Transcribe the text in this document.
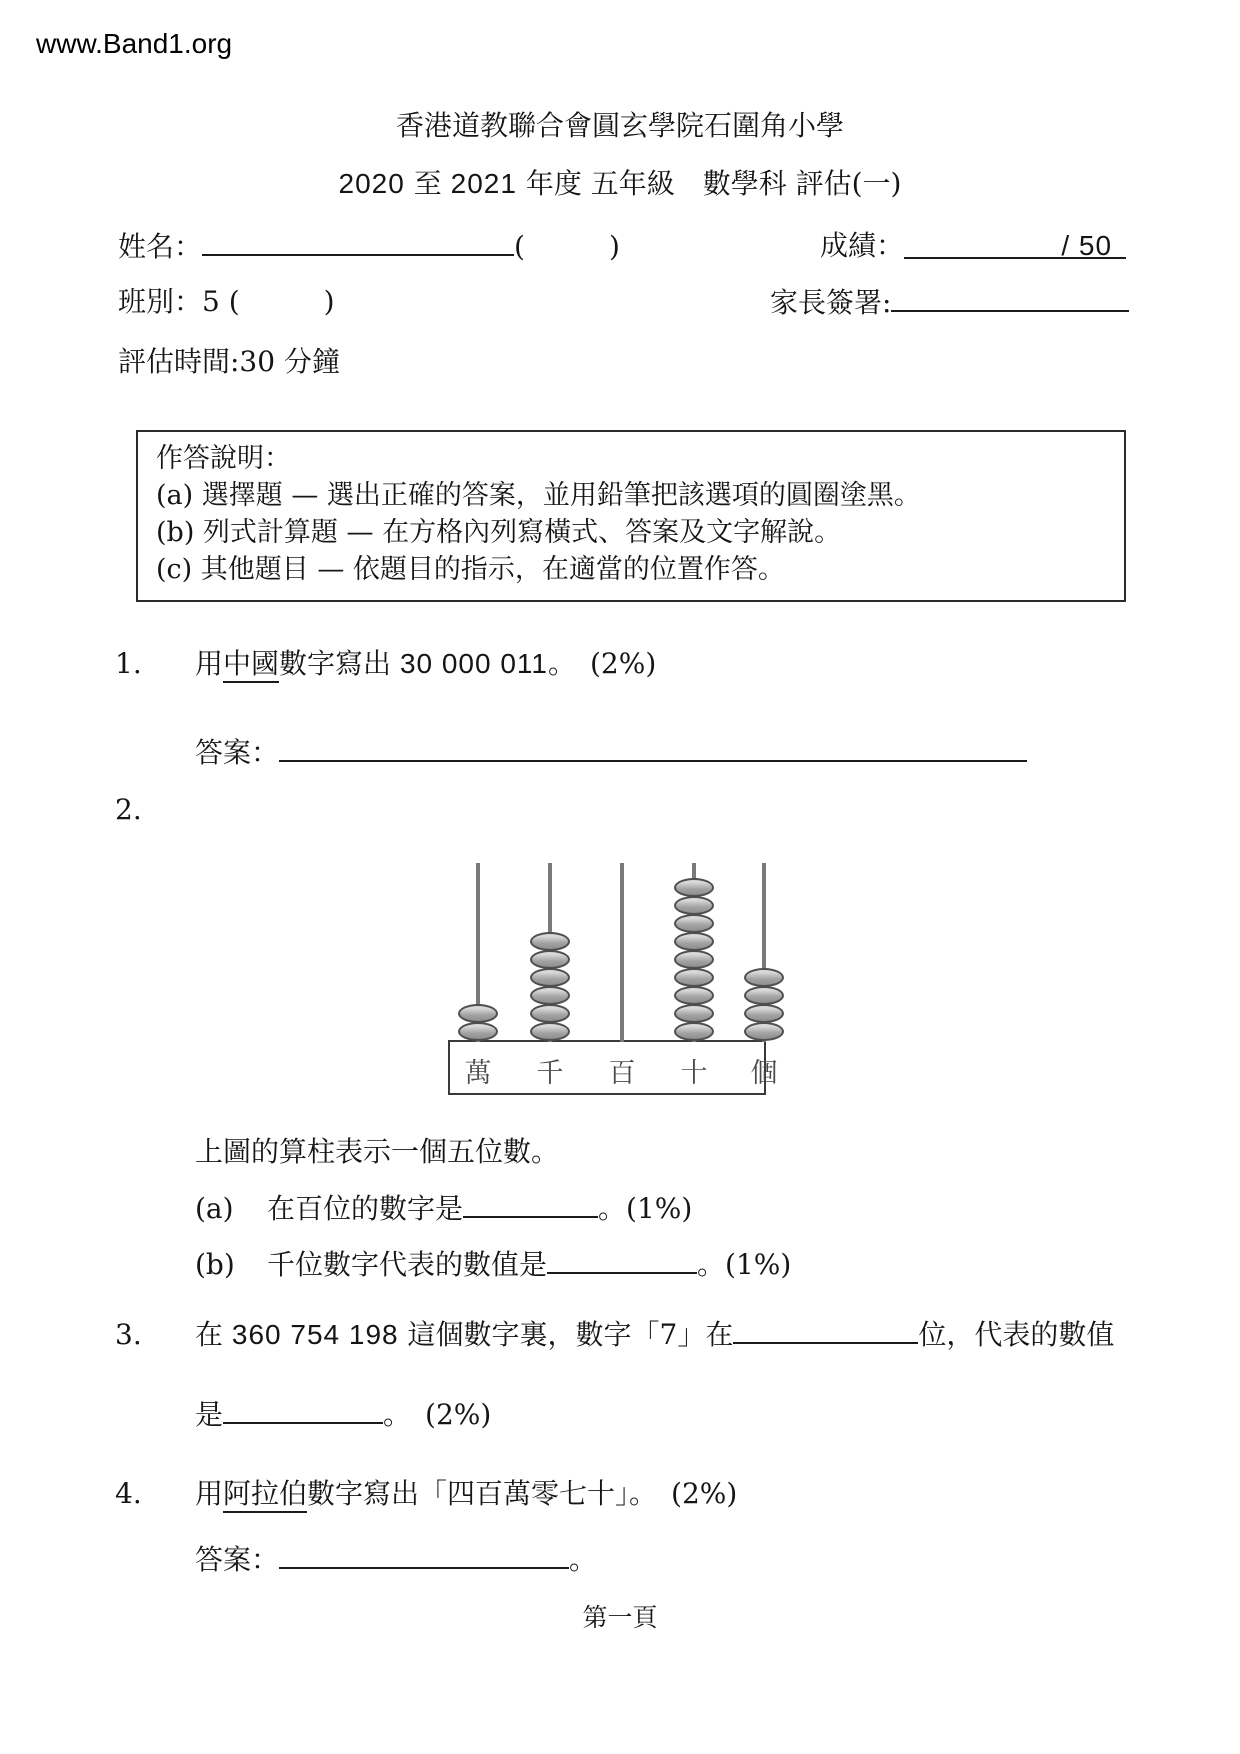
www.Band1.org
香港道教聯合會圓玄學院石圍角小學
2020 至 2021 年度 五年級　數學科 評估(一)
姓名：	(　　　)	成績：	/ 50
班別：5 (　　　)	家長簽署:
評估時間:30 分鐘
作答說明：
(a) 選擇題 — 選出正確的答案，並用鉛筆把該選項的圓圈塗黑。
(b) 列式計算題 — 在方格內列寫橫式、答案及文字解說。
(c) 其他題目 — 依題目的指示，在適當的位置作答。
1. 用中國數字寫出 30 000 011。　(2%)
答案：
2.
萬	千	百	十	個
上圖的算柱表示一個五位數。
(a) 在百位的數字是	。(1%)
(b) 千位數字代表的數值是	。(1%)
3. 在 360 754 198 這個數字裏，數字「7」在	位，代表的數值
是	。　(2%)
4. 用阿拉伯數字寫出「四百萬零七十」。　(2%)
答案：	。
第一頁
